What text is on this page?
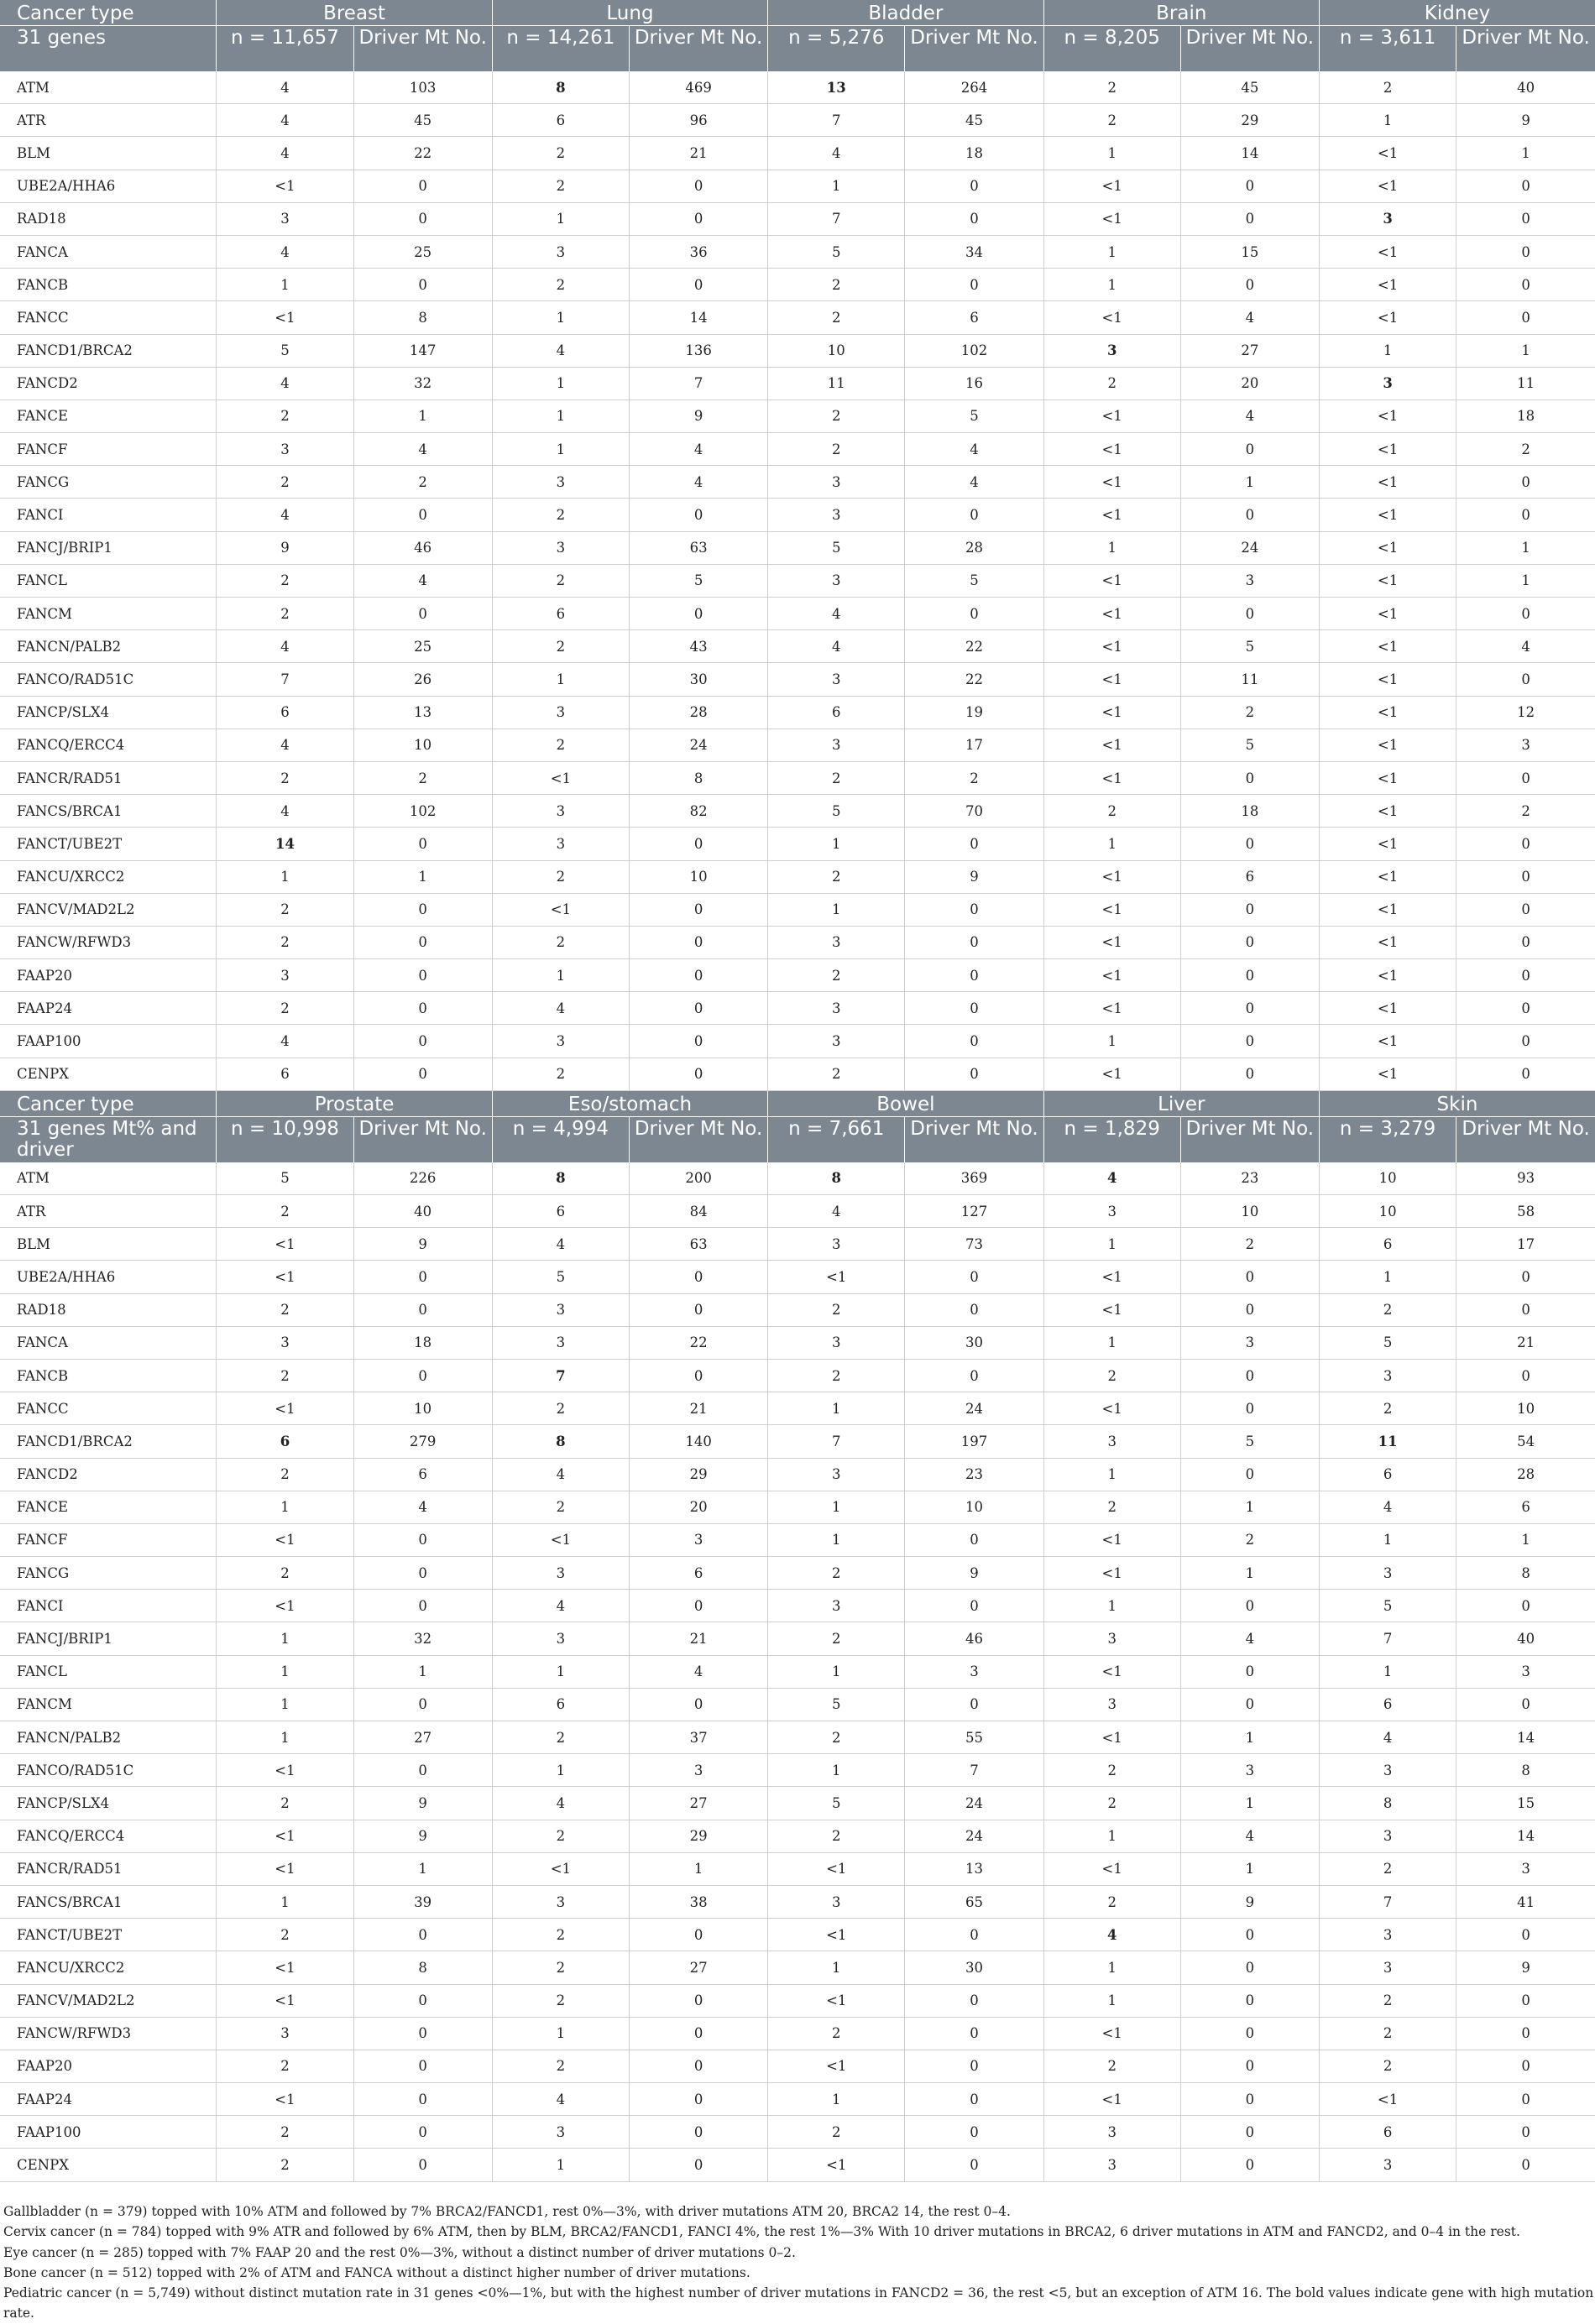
Cancer type	Breast		Lung		Bladder		Brain		Kidney	
31 genes	n = 11,657	Driver Mt No.	n = 14,261	Driver Mt No.	n = 5,276	Driver Mt No.	n = 8,205	Driver Mt No.	n = 3,611	Driver Mt No.
ATM	4	103	8	469	13	264	2	45	2	40
ATR	4	45	6	96	7	45	2	29	1	9
BLM	4	22	2	21	4	18	1	14	<1	1
UBE2A/HHA6	<1	0	2	0	1	0	<1	0	<1	0
RAD18	3	0	1	0	7	0	<1	0	3	0
FANCA	4	25	3	36	5	34	1	15	<1	0
FANCB	1	0	2	0	2	0	1	0	<1	0
FANCC	<1	8	1	14	2	6	<1	4	<1	0
FANCD1/BRCA2	5	147	4	136	10	102	3	27	1	1
FANCD2	4	32	1	7	11	16	2	20	3	11
FANCE	2	1	1	9	2	5	<1	4	<1	18
FANCF	3	4	1	4	2	4	<1	0	<1	2
FANCG	2	2	3	4	3	4	<1	1	<1	0
FANCI	4	0	2	0	3	0	<1	0	<1	0
FANCJ/BRIP1	9	46	3	63	5	28	1	24	<1	1
FANCL	2	4	2	5	3	5	<1	3	<1	1
FANCM	2	0	6	0	4	0	<1	0	<1	0
FANCN/PALB2	4	25	2	43	4	22	<1	5	<1	4
FANCO/RAD51C	7	26	1	30	3	22	<1	11	<1	0
FANCP/SLX4	6	13	3	28	6	19	<1	2	<1	12
FANCQ/ERCC4	4	10	2	24	3	17	<1	5	<1	3
FANCR/RAD51	2	2	<1	8	2	2	<1	0	<1	0
FANCS/BRCA1	4	102	3	82	5	70	2	18	<1	2
FANCT/UBE2T	14	0	3	0	1	0	1	0	<1	0
FANCU/XRCC2	1	1	2	10	2	9	<1	6	<1	0
FANCV/MAD2L2	2	0	<1	0	1	0	<1	0	<1	0
FANCW/RFWD3	2	0	2	0	3	0	<1	0	<1	0
FAAP20	3	0	1	0	2	0	<1	0	<1	0
FAAP24	2	0	4	0	3	0	<1	0	<1	0
FAAP100	4	0	3	0	3	0	1	0	<1	0
CENPX	6	0	2	0	2	0	<1	0	<1	0
Cancer type	Prostate		Eso/stomach		Bowel		Liver		Skin	
31 genes Mt% and driver	n = 10,998	Driver Mt No.	n = 4,994	Driver Mt No.	n = 7,661	Driver Mt No.	n = 1,829	Driver Mt No.	n = 3,279	Driver Mt No.
ATM	5	226	8	200	8	369	4	23	10	93
ATR	2	40	6	84	4	127	3	10	10	58
BLM	<1	9	4	63	3	73	1	2	6	17
UBE2A/HHA6	<1	0	5	0	<1	0	<1	0	1	0
RAD18	2	0	3	0	2	0	<1	0	2	0
FANCA	3	18	3	22	3	30	1	3	5	21
FANCB	2	0	7	0	2	0	2	0	3	0
FANCC	<1	10	2	21	1	24	<1	0	2	10
FANCD1/BRCA2	6	279	8	140	7	197	3	5	11	54
FANCD2	2	6	4	29	3	23	1	0	6	28
FANCE	1	4	2	20	1	10	2	1	4	6
FANCF	<1	0	<1	3	1	0	<1	2	1	1
FANCG	2	0	3	6	2	9	<1	1	3	8
FANCI	<1	0	4	0	3	0	1	0	5	0
FANCJ/BRIP1	1	32	3	21	2	46	3	4	7	40
FANCL	1	1	1	4	1	3	<1	0	1	3
FANCM	1	0	6	0	5	0	3	0	6	0
FANCN/PALB2	1	27	2	37	2	55	<1	1	4	14
FANCO/RAD51C	<1	0	1	3	1	7	2	3	3	8
FANCP/SLX4	2	9	4	27	5	24	2	1	8	15
FANCQ/ERCC4	<1	9	2	29	2	24	1	4	3	14
FANCR/RAD51	<1	1	<1	1	<1	13	<1	1	2	3
FANCS/BRCA1	1	39	3	38	3	65	2	9	7	41
FANCT/UBE2T	2	0	2	0	<1	0	4	0	3	0
FANCU/XRCC2	<1	8	2	27	1	30	1	0	3	9
FANCV/MAD2L2	<1	0	2	0	<1	0	1	0	2	0
FANCW/RFWD3	3	0	1	0	2	0	<1	0	2	0
FAAP20	2	0	2	0	<1	0	2	0	2	0
FAAP24	<1	0	4	0	1	0	<1	0	<1	0
FAAP100	2	0	3	0	2	0	3	0	6	0
CENPX	2	0	1	0	<1	0	3	0	3	0

Gallbladder (n = 379) topped with 10% ATM and followed by 7% BRCA2/FANCD1, rest 0%—3%, with driver mutations ATM 20, BRCA2 14, the rest 0–4.

Cervix cancer (n = 784) topped with 9% ATR and followed by 6% ATM, then by BLM, BRCA2/FANCD1, FANCI 4%, the rest 1%—3% With 10 driver mutations in BRCA2, 6 driver mutations in ATM and FANCD2, and 0–4 in the rest.

Eye cancer (n = 285) topped with 7% FAAP 20 and the rest 0%—3%, without a distinct number of driver mutations 0–2.

Bone cancer (n = 512) topped with 2% of ATM and FANCA without a distinct higher number of driver mutations.

Pediatric cancer (n = 5,749) without distinct mutation rate in 31 genes <0%—1%, but with the highest number of driver mutations in FANCD2 = 36, the rest <5, but an exception of ATM 16. The bold values indicate gene with high mutation rate.
